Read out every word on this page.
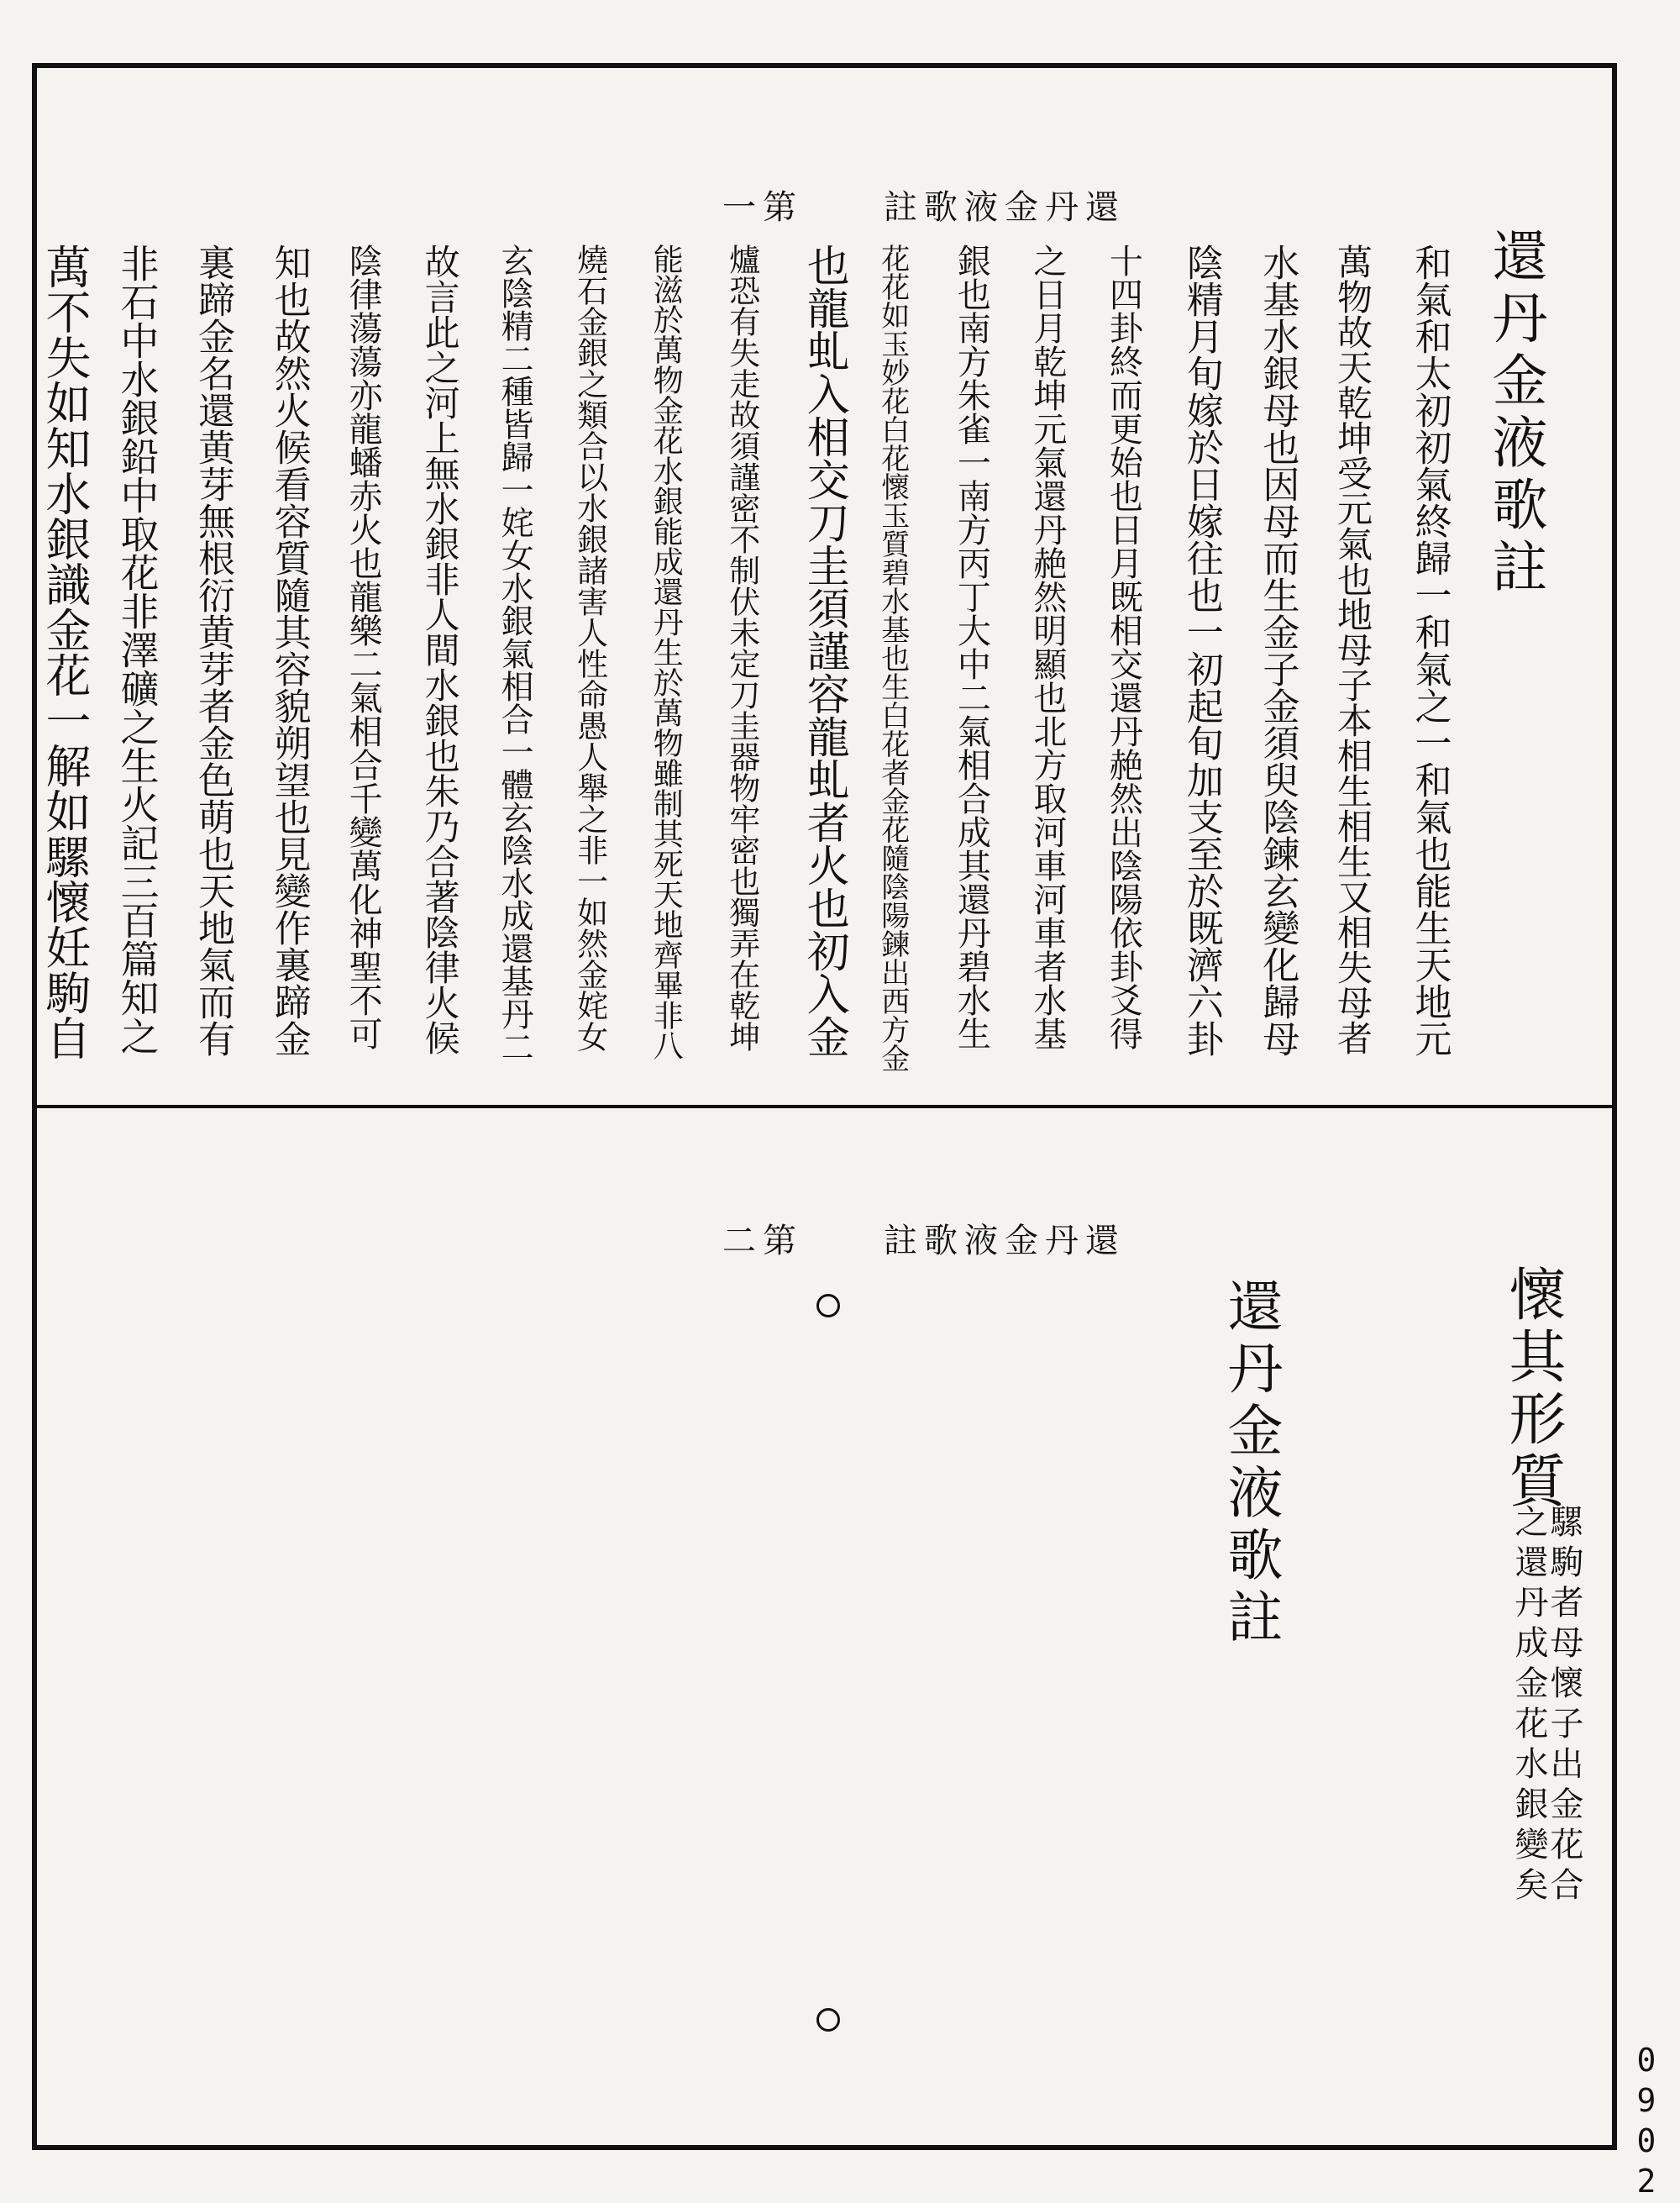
一第　　註歌液金丹還
二第　　註歌液金丹還
還丹金液歌註
和氣和太初初氣終歸一和氣之一和氣也能生天地元
萬物故天乾坤受元氣也地母子本相生相生又相失母者
水基水銀母也因母而生金子金須臾陰鍊玄變化歸母
陰精月旬嫁於日嫁往也一初起旬加支至於既濟六卦
十四卦終而更始也日月既相交還丹赩然出陰陽依卦爻得
之日月乾坤元氣還丹赩然明顯也北方取河車河車者水基
銀也南方朱雀一南方丙丁大中二氣相合成其還丹碧水生
花花如玉妙花白花懷玉質碧水基也生白花者金花隨陰陽鍊出西方金
也龍虬入相交刀圭須謹容龍虬者火也初入金
爐恐有失走故須謹密不制伏未定刀圭器物牢密也獨弄在乾坤
能滋於萬物金花水銀能成還丹生於萬物雖制其死天地齊畢非八
燒石金銀之類合以水銀諸害人性命愚人舉之非一如然金姹女
玄陰精二種皆歸一姹女水銀氣相合一體玄陰水成還基丹二
故言此之河上無水銀非人間水銀也朱乃合著陰律火候
陰律蕩蕩亦龍蟠赤火也龍樂二氣相合千變萬化神聖不可
知也故然火候看容質隨其容貌朔望也見變作裏蹄金
裏蹄金名還黄芽無根衍黄芽者金色萌也天地氣而有
非石中水銀鉛中取花非澤礦之生火記三百篇知之
萬不失如知水銀識金花一解如騾懷妊駒自
懷其形質
騾駒者母懷子出金花合
之還丹成金花水銀變矣
還丹金液歌註
0902
